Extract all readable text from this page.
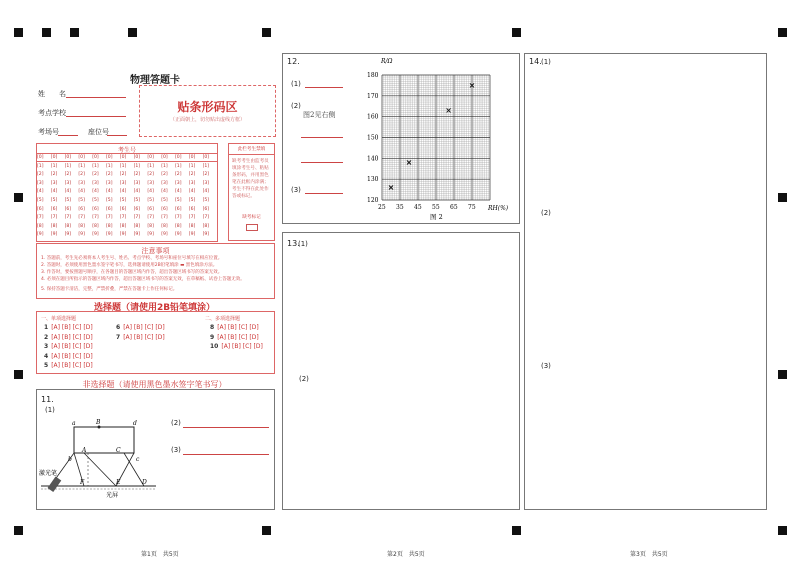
物理答题卡
姓　　名
考点学校
考场号	座位号
贴条形码区
（正面朝上，切勿贴出虚线方框）
考生号
[0] [0] [0] [0] [0] [0] [0] [0] [0] [0] [0] [0] [0]
[1] [1] [1] [1] [1] [1] [1] [1] [1] [1] [1] [1] [1]
[2] [2] [2] [2] [2] [2] [2] [2] [2] [2] [2] [2] [2]
[3] [3] [3] [3] [3] [3] [3] [3] [3] [3] [3] [3] [3]
[4] [4] [4] [4] [4] [4] [4] [4] [4] [4] [4] [4] [4]
[5] [5] [5] [5] [5] [5] [5] [5] [5] [5] [5] [5] [5]
[6] [6] [6] [6] [6] [6] [6] [6] [6] [6] [6] [6] [6]
[7] [7] [7] [7] [7] [7] [7] [7] [7] [7] [7] [7] [7]
[8] [8] [8] [8] [8] [8] [8] [8] [8] [8] [8] [8] [8]
[9] [9] [9] [9] [9] [9] [9] [9] [9] [9] [9] [9] [9]
此栏考生禁填
缺考考生由监考员填涂考生号、粘贴条形码，并用黑色笔在此框内涂满；考生不得在此处作答或标记。
缺考标记
注意事项
1. 答题前，考生先必须将本人考生号、姓名、考点学校、考场号和座位号填写在相应位置。
2. 答题时，必须使用黑色墨水签字笔书写，选择题请使用2B铅笔填涂 ▬ 黑色填涂方法。
3. 作答时，要按照题号顺序，在各题目的答题区域内作答，超出答题区域书写的答案无效。
4. 必须在题目所指示的答题区域内作答，超出答题区域书写的答案无效，在草稿纸、试卷上答题无效。
5. 保持答题卡清洁，完整，严禁折叠，严禁在答题卡上作任何标记。
选择题（请使用2B铅笔填涂）
一、单项选择题	二、多项选择题
1 [A] [B] [C] [D]
2 [A] [B] [C] [D]
3 [A] [B] [C] [D]
4 [A] [B] [C] [D]
5 [A] [B] [C] [D]
6 [A] [B] [C] [D]
7 [A] [B] [C] [D]
8 [A] [B] [C] [D]
9 [A] [B] [C] [D]
10 [A] [B] [C] [D]
非选择题（请使用黑色墨水签字笔书写）
11.
(1)
(2)
(3)
a	B	d
A	C
b	c
F	E	D
激光笔
光屏
12.
(1)
(2)
图2见右侧
(3)
25 35 45 55 65 75
120
130
140
150
160
170
180
R/Ω
RH(%)
图 2
13.
(1)
(2)
14. (1)
(2)
(3)
第1页　共5页	第2页　共5页	第3页　共5页
